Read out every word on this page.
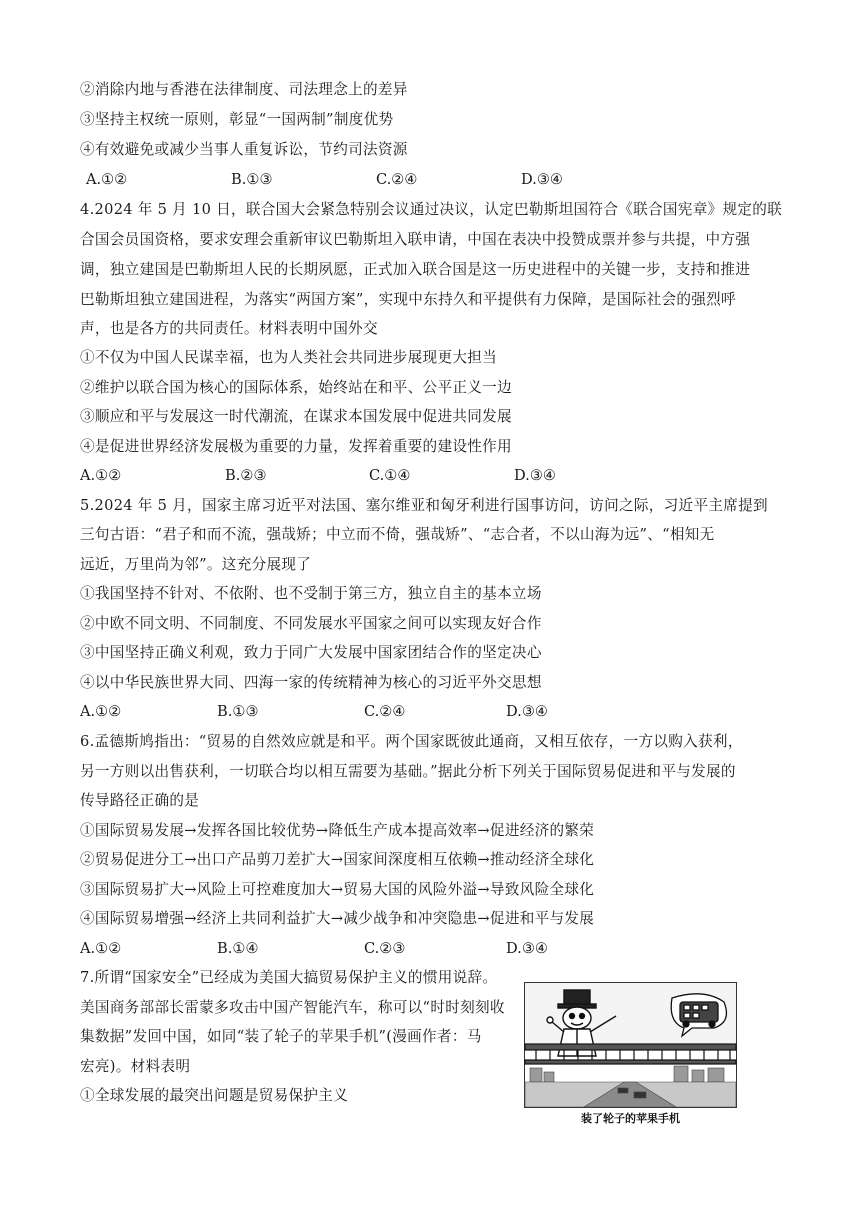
②消除内地与香港在法律制度、司法理念上的差异
③坚持主权统一原则，彰显“一国两制”制度优势
④有效避免或减少当事人重复诉讼，节约司法资源
A.①②	B.①③	C.②④	D.③④
4.2024 年 5 月 10 日，联合国大会紧急特别会议通过决议，认定巴勒斯坦国符合《联合国宪章》规定的联
合国会员国资格，要求安理会重新审议巴勒斯坦入联申请，中国在表决中投赞成票并参与共提，中方强
调，独立建国是巴勒斯坦人民的长期夙愿，正式加入联合国是这一历史进程中的关键一步，支持和推进
巴勒斯坦独立建国进程，为落实“两国方案”，实现中东持久和平提供有力保障，是国际社会的强烈呼
声，也是各方的共同责任。材料表明中国外交
①不仅为中国人民谋幸福，也为人类社会共同进步展现更大担当
②维护以联合国为核心的国际体系，始终站在和平、公平正义一边
③顺应和平与发展这一时代潮流，在谋求本国发展中促进共同发展
④是促进世界经济发展极为重要的力量，发挥着重要的建设性作用
A.①②	B.②③	C.①④	D.③④
5.2024 年 5 月，国家主席习近平对法国、塞尔维亚和匈牙利进行国事访问，访问之际，习近平主席提到
三句古语：“君子和而不流，强哉矫；中立而不倚，强哉矫”、“志合者，不以山海为远”、“相知无
远近，万里尚为邻”。这充分展现了
①我国坚持不针对、不依附、也不受制于第三方，独立自主的基本立场
②中欧不同文明、不同制度、不同发展水平国家之间可以实现友好合作
③中国坚持正确义利观，致力于同广大发展中国家团结合作的坚定决心
④以中华民族世界大同、四海一家的传统精神为核心的习近平外交思想
A.①②	B.①③	C.②④	D.③④
6.孟德斯鸠指出：“贸易的自然效应就是和平。两个国家既彼此通商，又相互依存，一方以购入获利，
另一方则以出售获利，一切联合均以相互需要为基础。”据此分析下列关于国际贸易促进和平与发展的
传导路径正确的是
①国际贸易发展→发挥各国比较优势→降低生产成本提高效率→促进经济的繁荣
②贸易促进分工→出口产品剪刀差扩大→国家间深度相互依赖→推动经济全球化
③国际贸易扩大→风险上可控难度加大→贸易大国的风险外溢→导致风险全球化
④国际贸易增强→经济上共同利益扩大→减少战争和冲突隐患→促进和平与发展
A.①②	B.①④	C.②③	D.③④
7.所谓“国家安全”已经成为美国大搞贸易保护主义的惯用说辞。
美国商务部部长雷蒙多攻击中国产智能汽车，称可以“时时刻刻收
集数据”发回中国，如同“装了轮子的苹果手机”(漫画作者：马
宏亮)。材料表明
①全球发展的最突出问题是贸易保护主义
装了轮子的苹果手机
